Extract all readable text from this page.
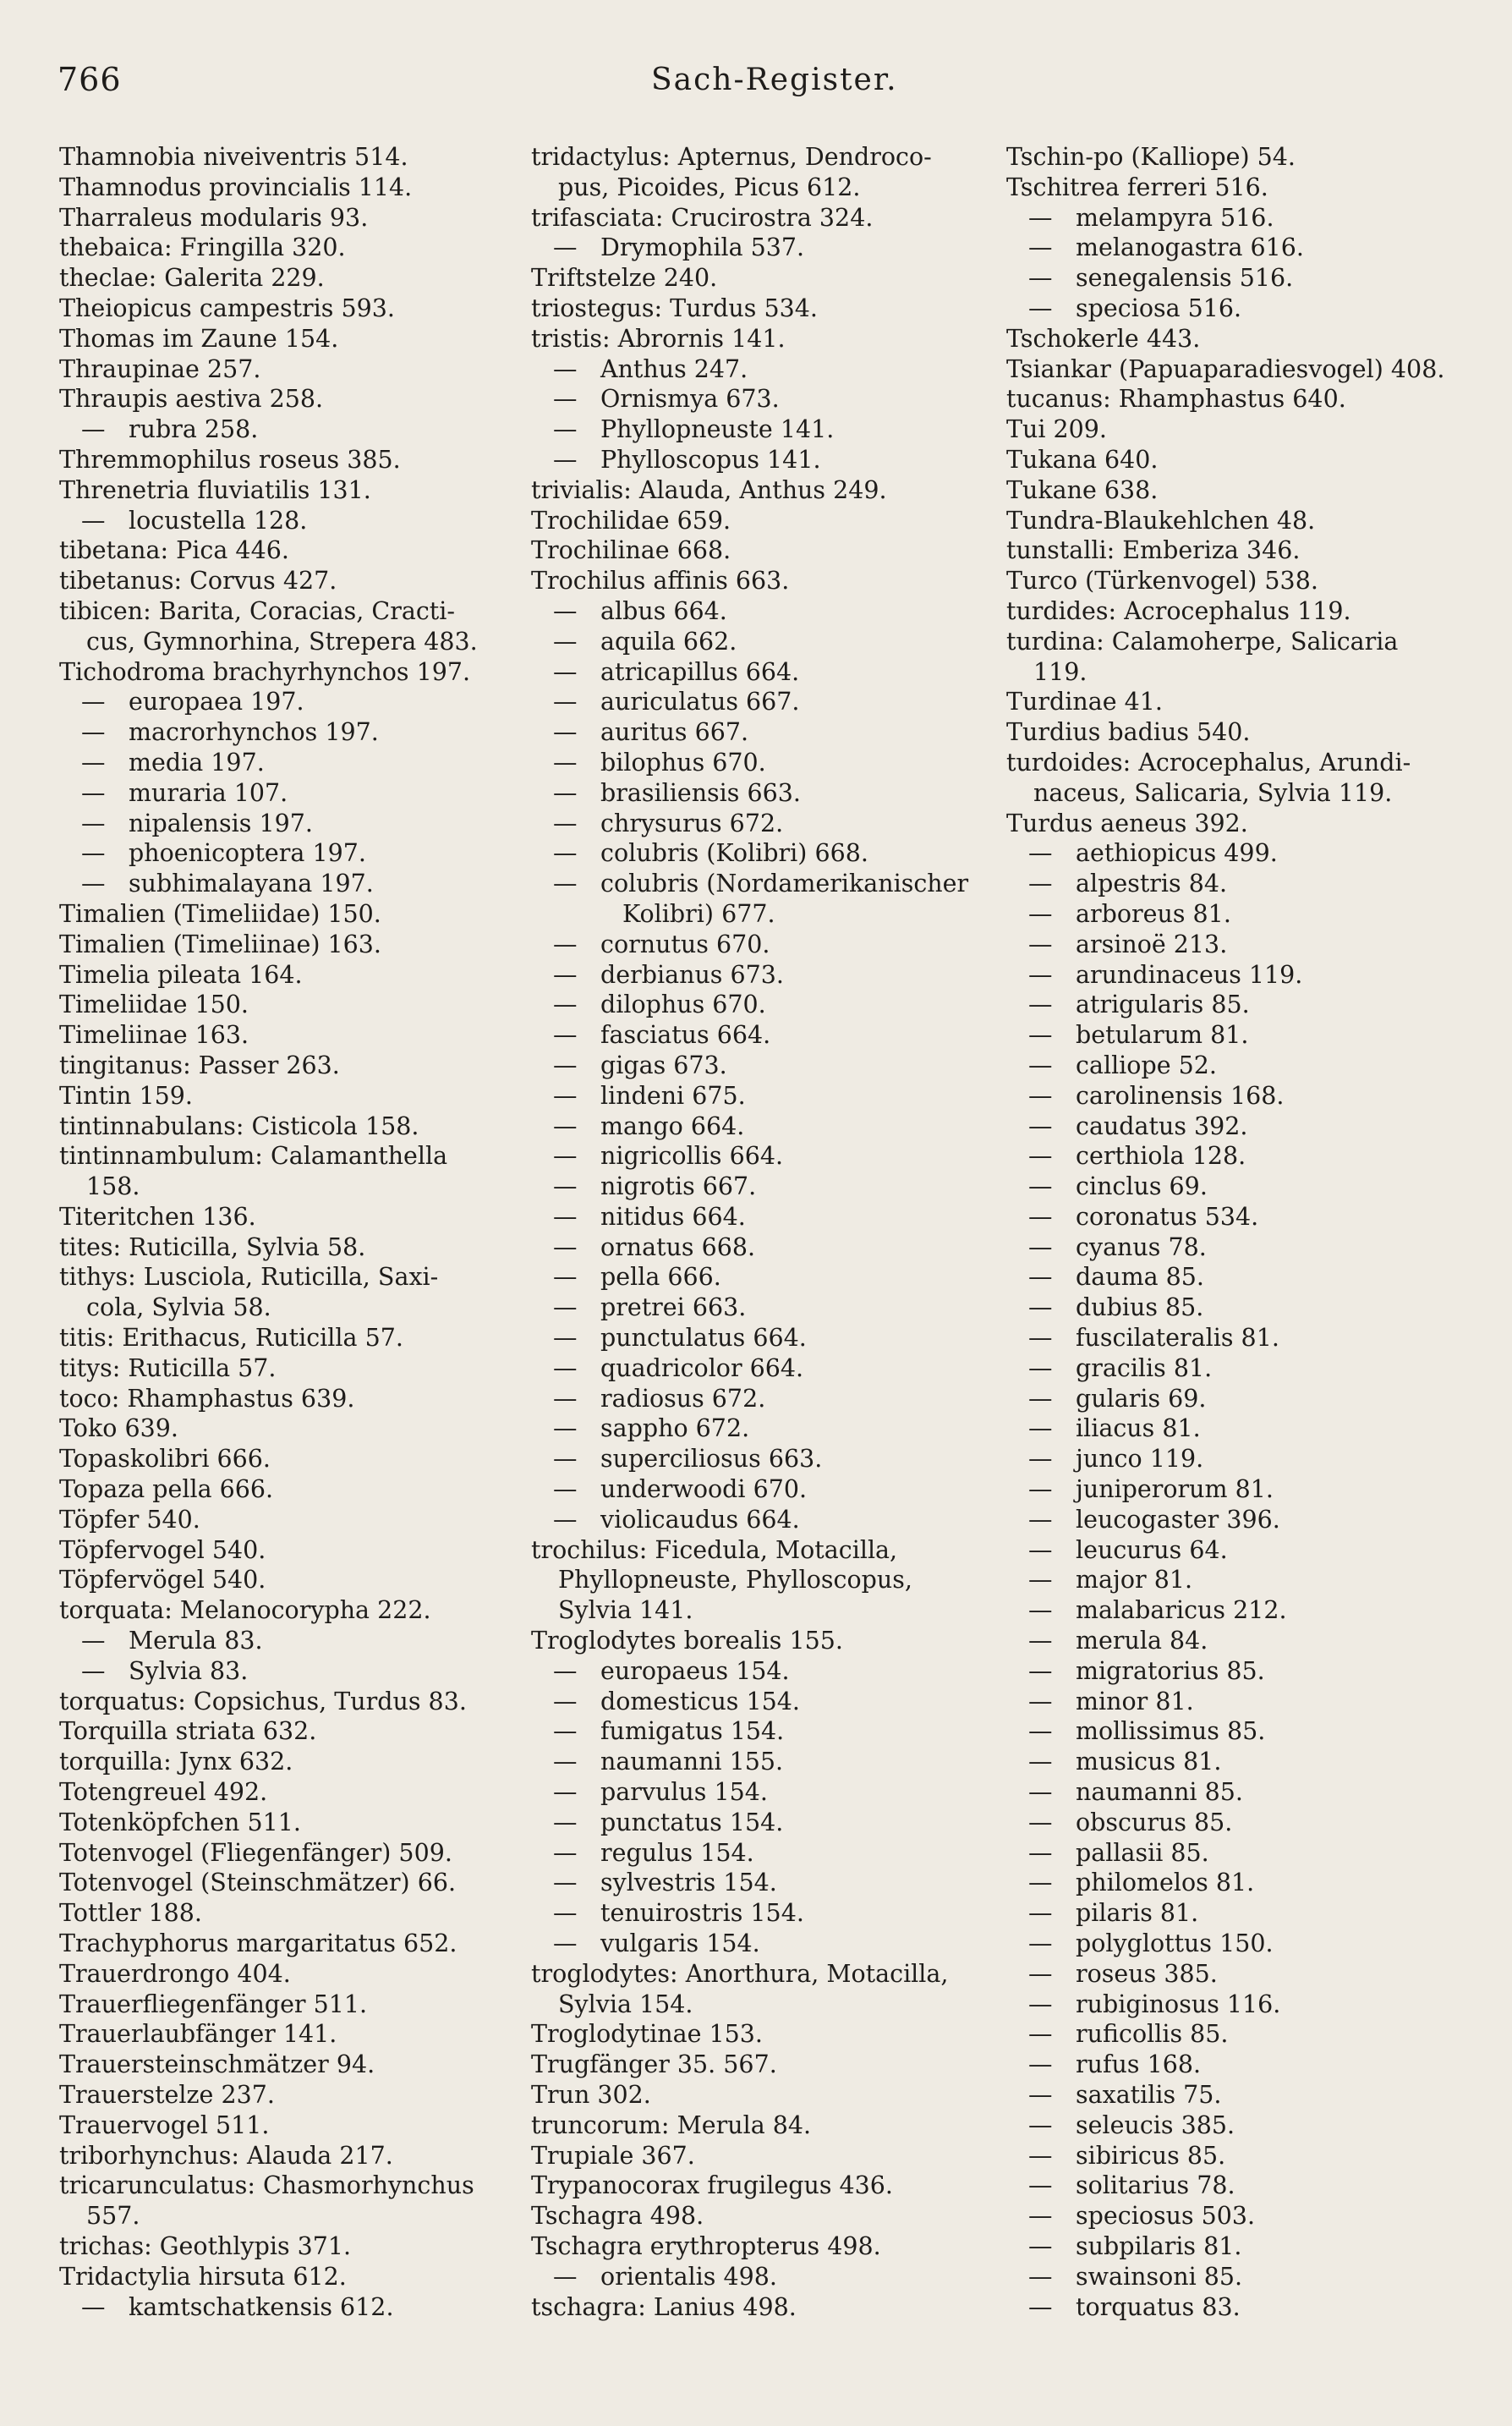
766	Sach-Register.
Thamnobia niveiventris 514.
Thamnodus provincialis 114.
Tharraleus modularis 93.
thebaica: Fringilla 320.
theclae: Galerita 229.
Theiopicus campestris 593.
Thomas im Zaune 154.
Thraupinae 257.
Thraupis aestiva 258.
— rubra 258.
Thremmophilus roseus 385.
Threnetria fluviatilis 131.
— locustella 128.
tibetana: Pica 446.
tibetanus: Corvus 427.
tibicen: Barita, Coracias, Cracti-
cus, Gymnorhina, Strepera 483.
Tichodroma brachyrhynchos 197.
— europaea 197.
— macrorhynchos 197.
— media 197.
— muraria 107.
— nipalensis 197.
— phoenicoptera 197.
— subhimalayana 197.
Timalien (Timeliidae) 150.
Timalien (Timeliinae) 163.
Timelia pileata 164.
Timeliidae 150.
Timeliinae 163.
tingitanus: Passer 263.
Tintin 159.
tintinnabulans: Cisticola 158.
tintinnambulum: Calamanthella
158.
Titeritchen 136.
tites: Ruticilla, Sylvia 58.
tithys: Lusciola, Ruticilla, Saxi-
cola, Sylvia 58.
titis: Erithacus, Ruticilla 57.
titys: Ruticilla 57.
toco: Rhamphastus 639.
Toko 639.
Topaskolibri 666.
Topaza pella 666.
Töpfer 540.
Töpfervogel 540.
Töpfervögel 540.
torquata: Melanocorypha 222.
— Merula 83.
— Sylvia 83.
torquatus: Copsichus, Turdus 83.
Torquilla striata 632.
torquilla: Jynx 632.
Totengreuel 492.
Totenköpfchen 511.
Totenvogel (Fliegenfänger) 509.
Totenvogel (Steinschmätzer) 66.
Tottler 188.
Trachyphorus margaritatus 652.
Trauerdrongo 404.
Trauerfliegenfänger 511.
Trauerlaubfänger 141.
Trauersteinschmätzer 94.
Trauerstelze 237.
Trauervogel 511.
triborhynchus: Alauda 217.
tricarunculatus: Chasmorhynchus
557.
trichas: Geothlypis 371.
Tridactylia hirsuta 612.
— kamtschatkensis 612.
tridactylus: Apternus, Dendroco-
pus, Picoides, Picus 612.
trifasciata: Crucirostra 324.
— Drymophila 537.
Triftstelze 240.
triostegus: Turdus 534.
tristis: Abrornis 141.
— Anthus 247.
— Ornismya 673.
— Phyllopneuste 141.
— Phylloscopus 141.
trivialis: Alauda, Anthus 249.
Trochilidae 659.
Trochilinae 668.
Trochilus affinis 663.
— albus 664.
— aquila 662.
— atricapillus 664.
— auriculatus 667.
— auritus 667.
— bilophus 670.
— brasiliensis 663.
— chrysurus 672.
— colubris (Kolibri) 668.
— colubris (Nordamerikanischer
Kolibri) 677.
— cornutus 670.
— derbianus 673.
— dilophus 670.
— fasciatus 664.
— gigas 673.
— lindeni 675.
— mango 664.
— nigricollis 664.
— nigrotis 667.
— nitidus 664.
— ornatus 668.
— pella 666.
— pretrei 663.
— punctulatus 664.
— quadricolor 664.
— radiosus 672.
— sappho 672.
— superciliosus 663.
— underwoodi 670.
— violicaudus 664.
trochilus: Ficedula, Motacilla,
Phyllopneuste, Phylloscopus,
Sylvia 141.
Troglodytes borealis 155.
— europaeus 154.
— domesticus 154.
— fumigatus 154.
— naumanni 155.
— parvulus 154.
— punctatus 154.
— regulus 154.
— sylvestris 154.
— tenuirostris 154.
— vulgaris 154.
troglodytes: Anorthura, Motacilla,
Sylvia 154.
Troglodytinae 153.
Trugfänger 35. 567.
Trun 302.
truncorum: Merula 84.
Trupiale 367.
Trypanocorax frugilegus 436.
Tschagra 498.
Tschagra erythropterus 498.
— orientalis 498.
tschagra: Lanius 498.
Tschin-po (Kalliope) 54.
Tschitrea ferreri 516.
— melampyra 516.
— melanogastra 616.
— senegalensis 516.
— speciosa 516.
Tschokerle 443.
Tsiankar (Papuaparadiesvogel) 408.
tucanus: Rhamphastus 640.
Tui 209.
Tukana 640.
Tukane 638.
Tundra-Blaukehlchen 48.
tunstalli: Emberiza 346.
Turco (Türkenvogel) 538.
turdides: Acrocephalus 119.
turdina: Calamoherpe, Salicaria
119.
Turdinae 41.
Turdius badius 540.
turdoides: Acrocephalus, Arundi-
naceus, Salicaria, Sylvia 119.
Turdus aeneus 392.
— aethiopicus 499.
— alpestris 84.
— arboreus 81.
— arsinoë 213.
— arundinaceus 119.
— atrigularis 85.
— betularum 81.
— calliope 52.
— carolinensis 168.
— caudatus 392.
— certhiola 128.
— cinclus 69.
— coronatus 534.
— cyanus 78.
— dauma 85.
— dubius 85.
— fuscilateralis 81.
— gracilis 81.
— gularis 69.
— iliacus 81.
— junco 119.
— juniperorum 81.
— leucogaster 396.
— leucurus 64.
— major 81.
— malabaricus 212.
— merula 84.
— migratorius 85.
— minor 81.
— mollissimus 85.
— musicus 81.
— naumanni 85.
— obscurus 85.
— pallasii 85.
— philomelos 81.
— pilaris 81.
— polyglottus 150.
— roseus 385.
— rubiginosus 116.
— ruficollis 85.
— rufus 168.
— saxatilis 75.
— seleucis 385.
— sibiricus 85.
— solitarius 78.
— speciosus 503.
— subpilaris 81.
— swainsoni 85.
— torquatus 83.
